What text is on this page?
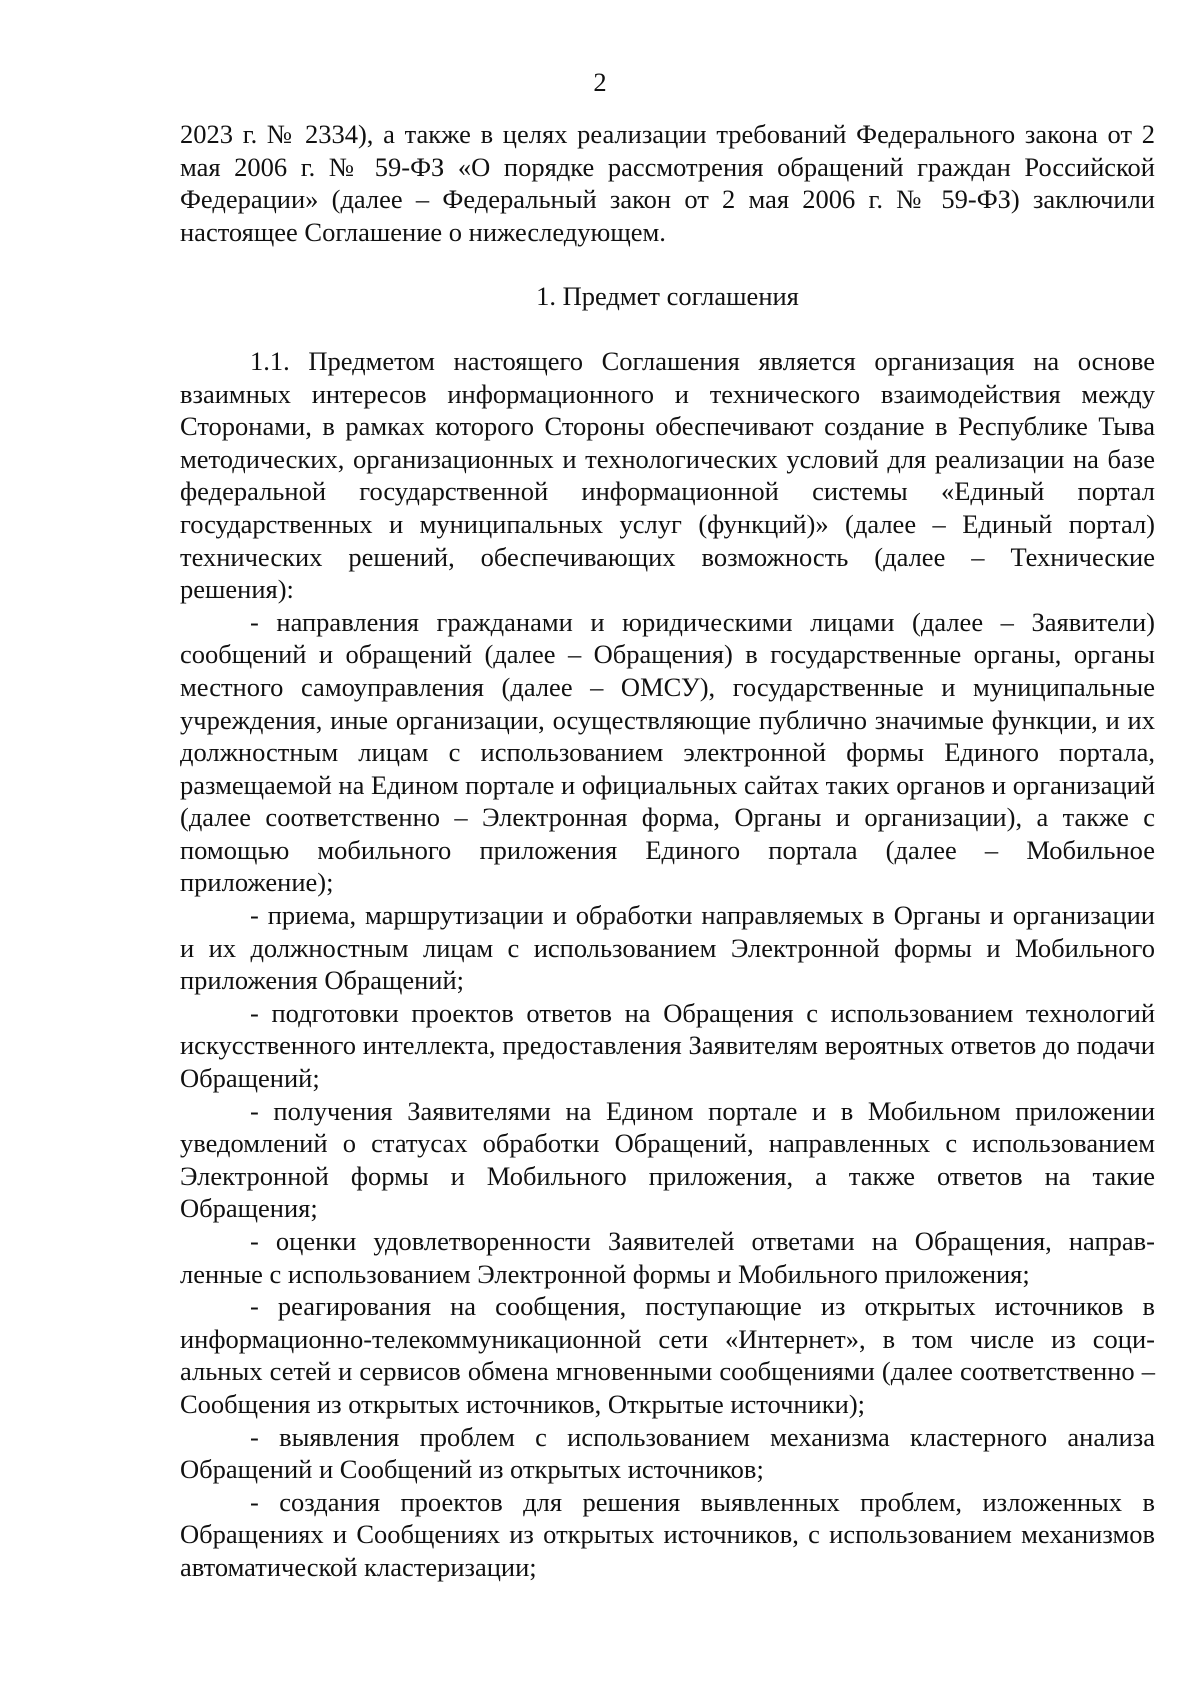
2

2023 г. № 2334), а также в целях реализации требований Федерального закона от 2 мая 2006 г. № 59-ФЗ «О порядке рассмотрения обращений граждан Российской Федерации» (далее – Федеральный закон от 2 мая 2006 г. № 59-ФЗ) заключили настоящее Соглашение о нижеследующем.

1. Предмет соглашения

1.1. Предметом настоящего Соглашения является организация на основе взаимных интересов информационного и технического взаимодействия между Сторонами, в рамках которого Стороны обеспечивают создание в Республике Тыва методических, организационных и технологических условий для реализации на базе федеральной государственной информационной системы «Единый портал государственных и муниципальных услуг (функций)» (далее – Единый портал) технических решений, обеспечивающих возможность (далее – Технические решения):

- направления гражданами и юридическими лицами (далее – Заявители) сообщений и обращений (далее – Обращения) в государственные органы, органы местного самоуправления (далее – ОМСУ), государственные и муниципальные учреждения, иные организации, осуществляющие публично значимые функции, и их должностным лицам с использованием электронной формы Единого портала, размещаемой на Едином портале и официальных сайтах таких органов и организаций (далее соответственно – Электронная форма, Органы и организации), а также с помощью мобильного приложения Единого портала (далее – Мобильное приложение);

- приема, маршрутизации и обработки направляемых в Органы и организации и их должностным лицам с использованием Электронной формы и Мобильного приложения Обращений;

- подготовки проектов ответов на Обращения с использованием технологий искусственного интеллекта, предоставления Заявителям вероятных ответов до подачи Обращений;

- получения Заявителями на Едином портале и в Мобильном приложении уведомлений о статусах обработки Обращений, направленных с использованием Электронной формы и Мобильного приложения, а также ответов на такие Обращения;

- оценки удовлетворенности Заявителей ответами на Обращения, направленные с использованием Электронной формы и Мобильного приложения;

- реагирования на сообщения, поступающие из открытых источников в информационно-телекоммуникационной сети «Интернет», в том числе из социальных сетей и сервисов обмена мгновенными сообщениями (далее соответственно – Сообщения из открытых источников, Открытые источники);

- выявления проблем с использованием механизма кластерного анализа Обращений и Сообщений из открытых источников;

- создания проектов для решения выявленных проблем, изложенных в Обращениях и Сообщениях из открытых источников, с использованием механизмов автоматической кластеризации;
